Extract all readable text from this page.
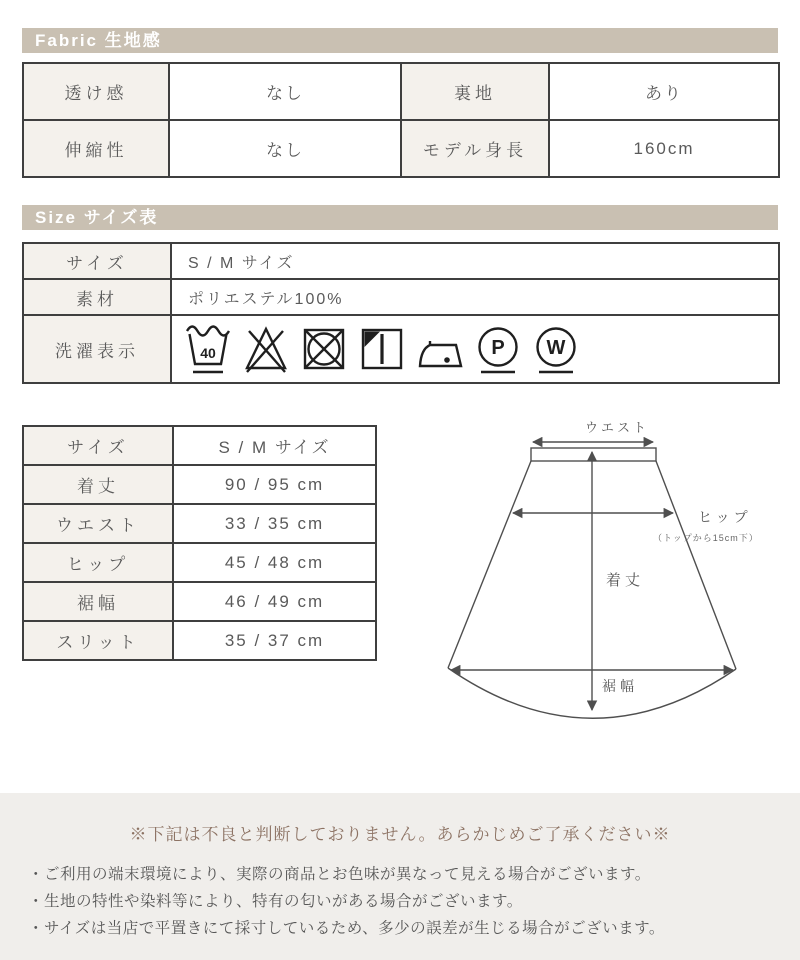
Fabric 生地感
透け感	なし	裏地	あり
伸縮性	なし	モデル身長	160cm
Size サイズ表
サイズ	S / M サイズ
素材	ポリエステル100%
洗濯表示	40 P W
サイズ	S / M サイズ
着丈	90 / 95 cm
ウエスト	33 / 35 cm
ヒップ	45 / 48 cm
裾幅	46 / 49 cm
スリット	35 / 37 cm
ウエスト
ヒップ
（トップから15cm下）
着丈
裾幅

※下記は不良と判断しておりません。あらかじめご了承ください※

・ご利用の端末環境により、実際の商品とお色味が異なって見える場合がございます。

・生地の特性や染料等により、特有の匂いがある場合がございます。

・サイズは当店で平置きにて採寸しているため、多少の誤差が生じる場合がございます。
